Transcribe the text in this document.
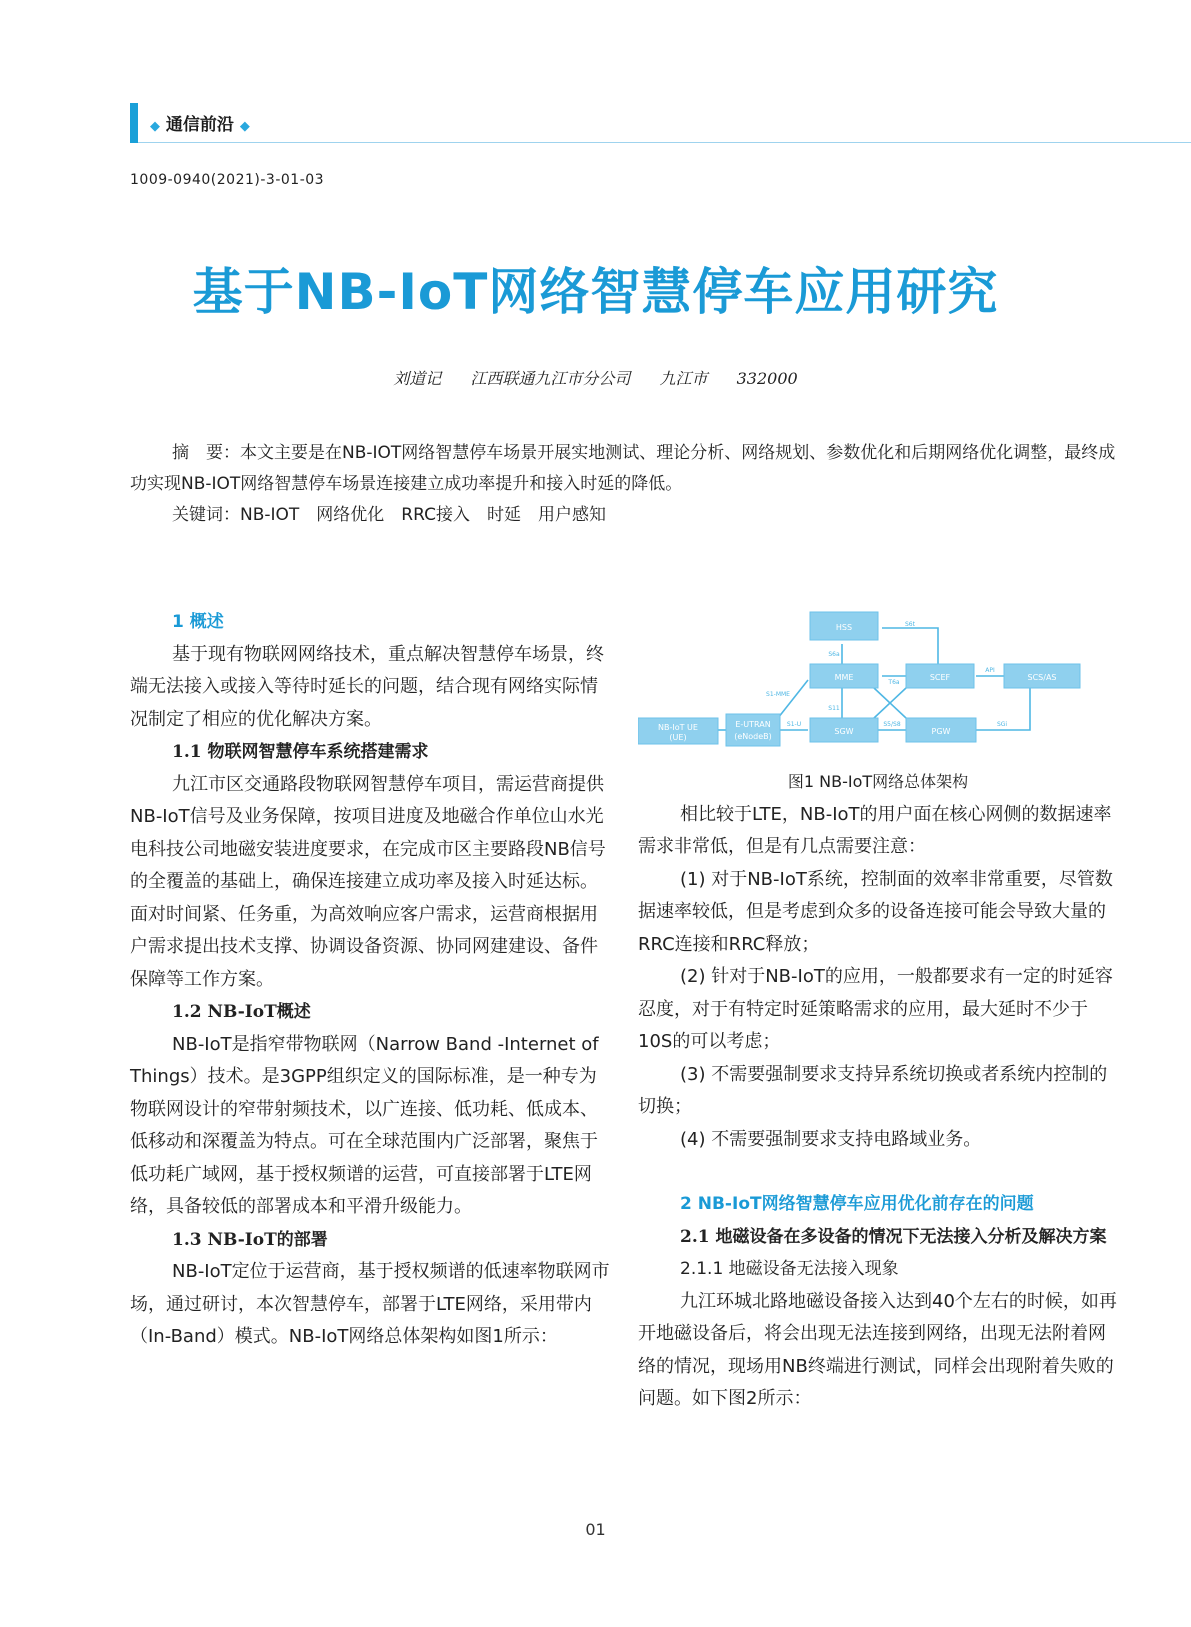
◆ 通信前沿 ◆
1009-0940(2021)-3-01-03
基于NB-IoT网络智慧停车应用研究
刘道记 江西联通九江市分公司 九江市 332000

摘　要：本文主要是在NB-IOT网络智慧停车场景开展实地测试、理论分析、网络规划、参数优化和后期网络优化调整，最终成功实现NB-IOT网络智慧停车场景连接建立成功率提升和接入时延的降低。

关键词：NB-IOT　网络优化　RRC接入　时延　用户感知

1 概述

基于现有物联网网络技术，重点解决智慧停车场景，终端无法接入或接入等待时延长的问题，结合现有网络实际情况制定了相应的优化解决方案。

1.1 物联网智慧停车系统搭建需求

九江市区交通路段物联网智慧停车项目，需运营商提供NB-IoT信号及业务保障，按项目进度及地磁合作单位山水光电科技公司地磁安装进度要求，在完成市区主要路段NB信号的全覆盖的基础上，确保连接建立成功率及接入时延达标。面对时间紧、任务重，为高效响应客户需求，运营商根据用户需求提出技术支撑、协调设备资源、协同网建建设、备件保障等工作方案。

1.2 NB-IoT概述

NB-IoT是指窄带物联网（Narrow Band -Internet of Things）技术。是3GPP组织定义的国际标准，是一种专为物联网设计的窄带射频技术，以广连接、低功耗、低成本、低移动和深覆盖为特点。可在全球范围内广泛部署，聚焦于低功耗广域网，基于授权频谱的运营，可直接部署于LTE网络，具备较低的部署成本和平滑升级能力。

1.3 NB-IoT的部署

NB-IoT定位于运营商，基于授权频谱的低速率物联网市场，通过研讨，本次智慧停车，部署于LTE网络，采用带内（In-Band）模式。NB-IoT网络总体架构如图1所示：

HSS
MME	SCEF	SCS/AS
NB-IoT UE
(UE)
E-UTRAN
(eNodeB)
SGW	PGW
S6a
S6t
T6a
API
S1-MME
S11
S1-U	S5/S8	SGi

图1 NB-IoT网络总体架构

相比较于LTE，NB-IoT的用户面在核心网侧的数据速率需求非常低，但是有几点需要注意：

(1) 对于NB-IoT系统，控制面的效率非常重要，尽管数据速率较低，但是考虑到众多的设备连接可能会导致大量的RRC连接和RRC释放；

(2) 针对于NB-IoT的应用，一般都要求有一定的时延容忍度，对于有特定时延策略需求的应用，最大延时不少于10S的可以考虑；

(3) 不需要强制要求支持异系统切换或者系统内控制的切换；

(4) 不需要强制要求支持电路域业务。

2 NB-IoT网络智慧停车应用优化前存在的问题

2.1 地磁设备在多设备的情况下无法接入分析及解决方案

2.1.1 地磁设备无法接入现象

九江环城北路地磁设备接入达到40个左右的时候，如再开地磁设备后，将会出现无法连接到网络，出现无法附着网络的情况，现场用NB终端进行测试，同样会出现附着失败的问题。如下图2所示：

01
